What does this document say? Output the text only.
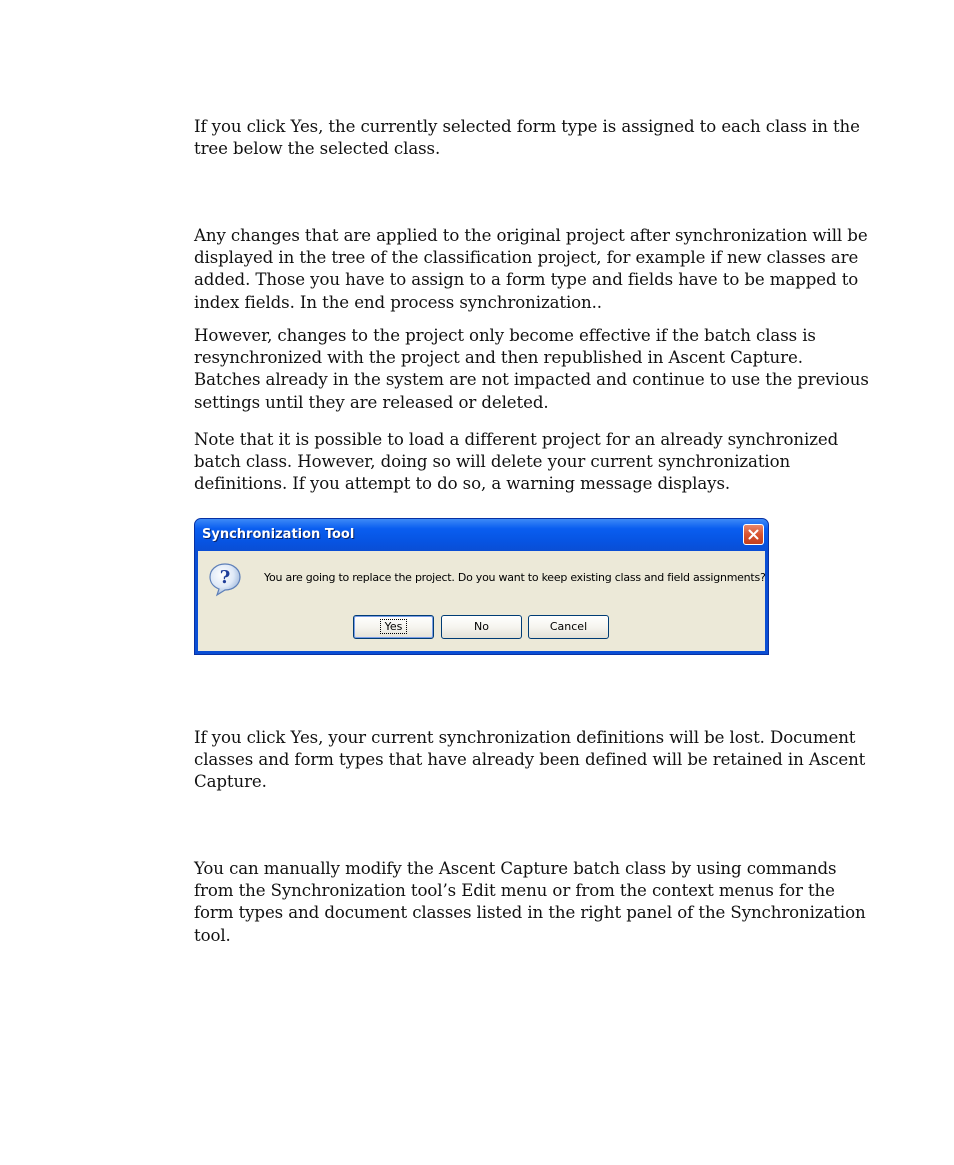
If you click Yes, the currently selected form type is assigned to each class in the tree below the selected class.

Any changes that are applied to the original project after synchronization will be displayed in the tree of the classification project, for example if new classes are added. Those you have to assign to a form type and fields have to be mapped to index fields. In the end process synchronization..

However, changes to the project only become effective if the batch class is resynchronized with the project and then republished in Ascent Capture. Batches already in the system are not impacted and continue to use the previous settings until they are released or deleted.

Note that it is possible to load a different project for an already synchronized batch class. However, doing so will delete your current synchronization definitions. If you attempt to do so, a warning message displays.

Synchronization Tool
?	You are going to replace the project. Do you want to keep existing class and field assignments?
Yes	No	Cancel

If you click Yes, your current synchronization definitions will be lost. Document classes and form types that have already been defined will be retained in Ascent Capture.

You can manually modify the Ascent Capture batch class by using commands from the Synchronization tool’s Edit menu or from the context menus for the form types and document classes listed in the right panel of the Synchronization tool.
